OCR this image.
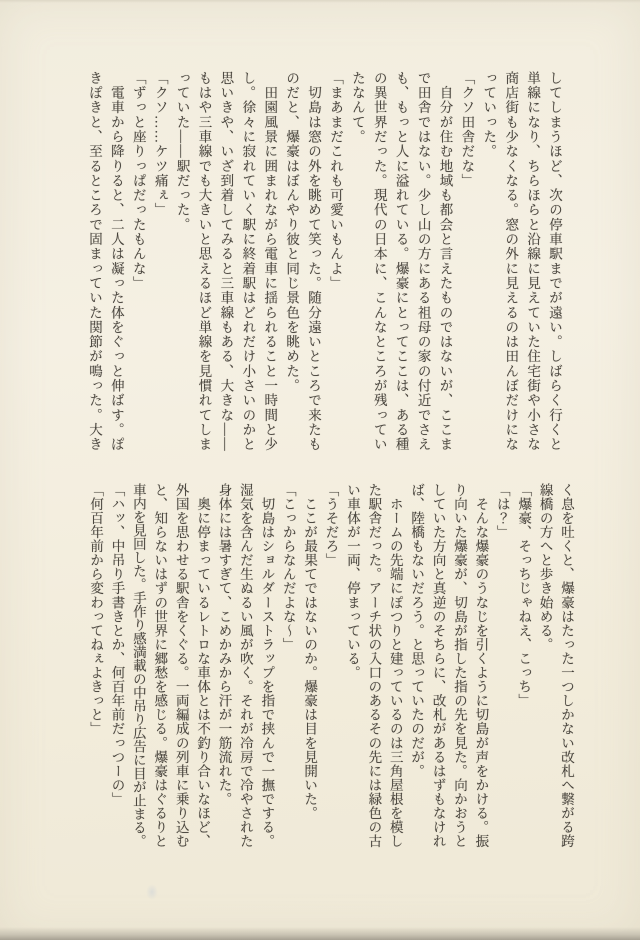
してしまうほど、次の停車駅までが遠い。しばらく行くと
単線になり、ちらほらと沿線に見えていた住宅街や小さな
商店街も少なくなる。窓の外に見えるのは田んぼだけにな
っていった。
「クソ田舎だな」
　自分が住む地域も都会と言えたものではないが、ここま
で田舎ではない。少し山の方にある祖母の家の付近でさえ
も、もっと人に溢れている。爆豪にとってここは、ある種
の異世界だった。現代の日本に、こんなところが残ってい
たなんて。
「まあまだこれも可愛いもんよ」
　切島は窓の外を眺めて笑った。随分遠いところで来たも
のだと、爆豪はぼんやり彼と同じ景色を眺めた。
　田園風景に囲まれながら電車に揺られること一時間と少
し。徐々に寂れていく駅に終着駅はどれだけ小さいのかと
思いきや、いざ到着してみると三車線もある、大きな――
もはや三車線でも大きいと思えるほど単線を見慣れてしま
っていた――駅だった。
「クソ……ケツ痛ぇ」
「ずっと座りっぱだったもんな」
　電車から降りると、二人は凝った体をぐっと伸ばす。ぽ
きぽきと、至るところで固まっていた関節が鳴った。大き
く息を吐くと、爆豪はたった一つしかない改札へ繋がる跨
線橋の方へと歩き始める。
「爆豪、そっちじゃねえ、こっち」
「は？」
　そんな爆豪のうなじを引くように切島が声をかける。振
り向いた爆豪が、切島が指した指の先を見た。向かおうと
していた方向と真逆のそちらに、改札があるはずもなけれ
ば、陸橋もないだろう。と思っていたのだが。
　ホームの先端にぽつりと建っているのは三角屋根を模し
た駅舎だった。アーチ状の入口のあるその先には緑色の古
い車体が一両、停まっている。
「うそだろ」
　ここが最果てではないのか。爆豪は目を見開いた。
「こっからなんだよな〜」
　切島はショルダーストラップを指で挟んで一撫でする。
湿気を含んだ生ぬるい風が吹く。それが冷房で冷やされた
身体には暑すぎて、こめかみから汗が一筋流れた。
　奥に停まっているレトロな車体とは不釣り合いなほど、
外国を思わせる駅舎をくぐる。一両編成の列車に乗り込む
と、知らないはずの世界に郷愁を感じる。爆豪はぐるりと
車内を見回した。手作り感満載の中吊り広告に目が止まる。
「ハッ、中吊り手書きとか、何百年前だっつーの」
「何百年前から変わってねぇよきっと」
